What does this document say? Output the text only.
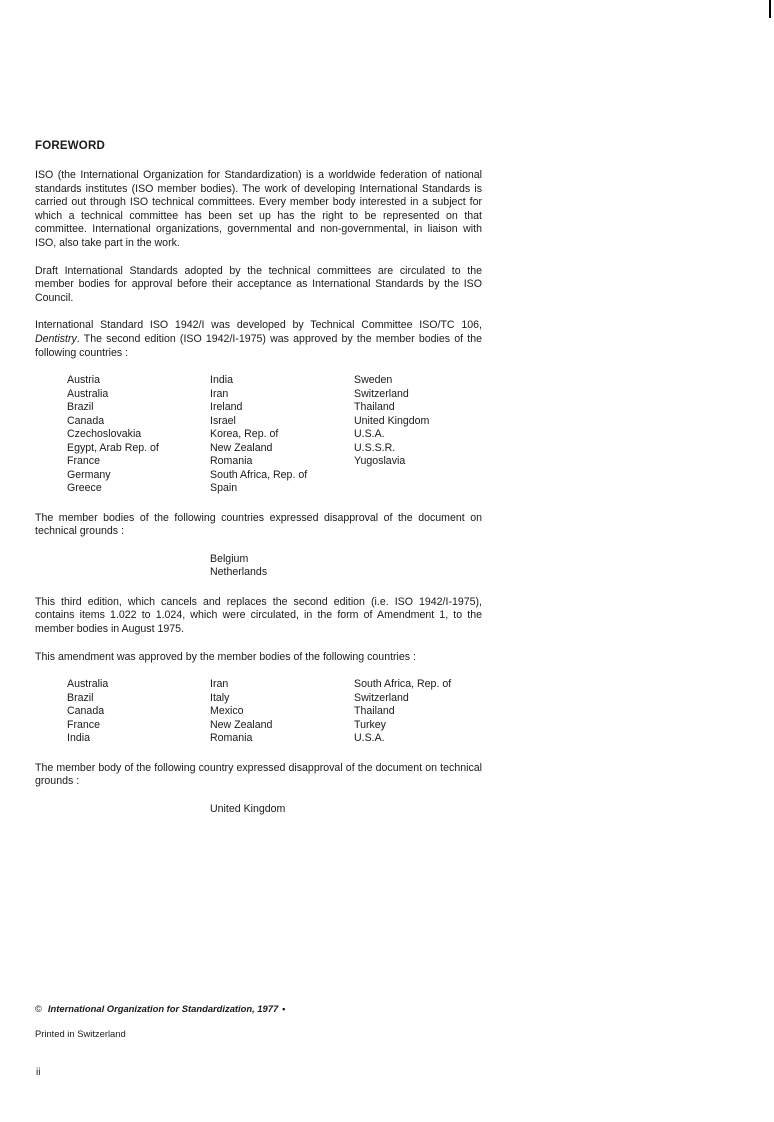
FOREWORD

ISO (the International Organization for Standardization) is a worldwide federation of national standards institutes (ISO member bodies). The work of developing International Standards is carried out through ISO technical committees. Every member body interested in a subject for which a technical committee has been set up has the right to be represented on that committee. International organizations, governmental and non-governmental, in liaison with ISO, also take part in the work.

Draft International Standards adopted by the technical committees are circulated to the member bodies for approval before their acceptance as International Standards by the ISO Council.

International Standard ISO 1942/I was developed by Technical Committee ISO/TC 106, Dentistry. The second edition (ISO 1942/I-1975) was approved by the member bodies of the following countries :

Austria
Australia
Brazil
Canada
Czechoslovakia
Egypt, Arab Rep. of
France
Germany
Greece
India
Iran
Ireland
Israel
Korea, Rep. of
New Zealand
Romania
South Africa, Rep. of
Spain
Sweden
Switzerland
Thailand
United Kingdom
U.S.A.
U.S.S.R.
Yugoslavia

The member bodies of the following countries expressed disapproval of the document on technical grounds :

Belgium
Netherlands

This third edition, which cancels and replaces the second edition (i.e. ISO 1942/I-1975), contains items 1.022 to 1.024, which were circulated, in the form of Amendment 1, to the member bodies in August 1975.

This amendment was approved by the member bodies of the following countries :

Australia
Brazil
Canada
France
India
Iran
Italy
Mexico
New Zealand
Romania
South Africa, Rep. of
Switzerland
Thailand
Turkey
U.S.A.

The member body of the following country expressed disapproval of the document on technical grounds :

United Kingdom

© International Organization for Standardization, 1977 •

Printed in Switzerland

ii
